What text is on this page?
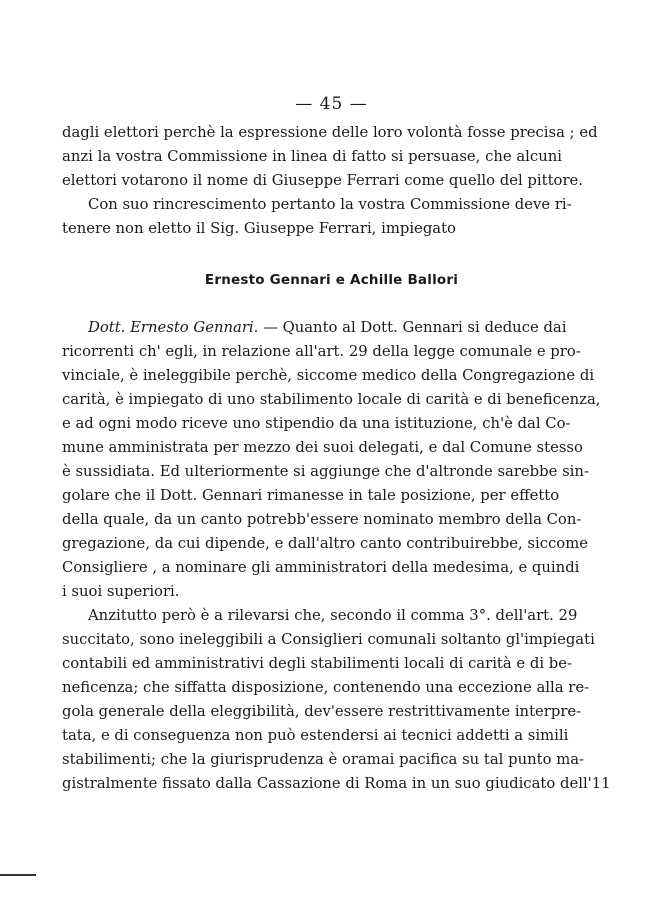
— 45 —
dagli elettori perchè la espressione delle loro volontà fosse precisa ; ed
anzi la vostra Commissione in linea di fatto si persuase, che alcuni
elettori votarono il nome di Giuseppe Ferrari come quello del pittore.
Con suo rincrescimento pertanto la vostra Commissione deve ri-
tenere non eletto il Sig. Giuseppe Ferrari, impiegato
Ernesto Gennari e Achille Ballori
Dott. Ernesto Gennari. — Quanto al Dott. Gennari si deduce dai
ricorrenti ch' egli, in relazione all'art. 29 della legge comunale e pro-
vinciale, è ineleggibile perchè, siccome medico della Congregazione di
carità, è impiegato di uno stabilimento locale di carità e di beneficenza,
e ad ogni modo riceve uno stipendio da una istituzione, ch'è dal Co-
mune amministrata per mezzo dei suoi delegati, e dal Comune stesso
è sussidiata. Ed ulteriormente si aggiunge che d'altronde sarebbe sin-
golare che il Dott. Gennari rimanesse in tale posizione, per effetto
della quale, da un canto potrebb'essere nominato membro della Con-
gregazione, da cui dipende, e dall'altro canto contribuirebbe, siccome
Consigliere , a nominare gli amministratori della medesima, e quindi
i suoi superiori.
Anzitutto però è a rilevarsi che, secondo il comma 3°. dell'art. 29
succitato, sono ineleggibili a Consiglieri comunali soltanto gl'impiegati
contabili ed amministrativi degli stabilimenti locali di carità e di be-
neficenza; che siffatta disposizione, contenendo una eccezione alla re-
gola generale della eleggibilità, dev'essere restrittivamente interpre-
tata, e di conseguenza non può estendersi ai tecnici addetti a simili
stabilimenti; che la giurisprudenza è oramai pacifica su tal punto ma-
gistralmente fissato dalla Cassazione di Roma in un suo giudicato dell'11
